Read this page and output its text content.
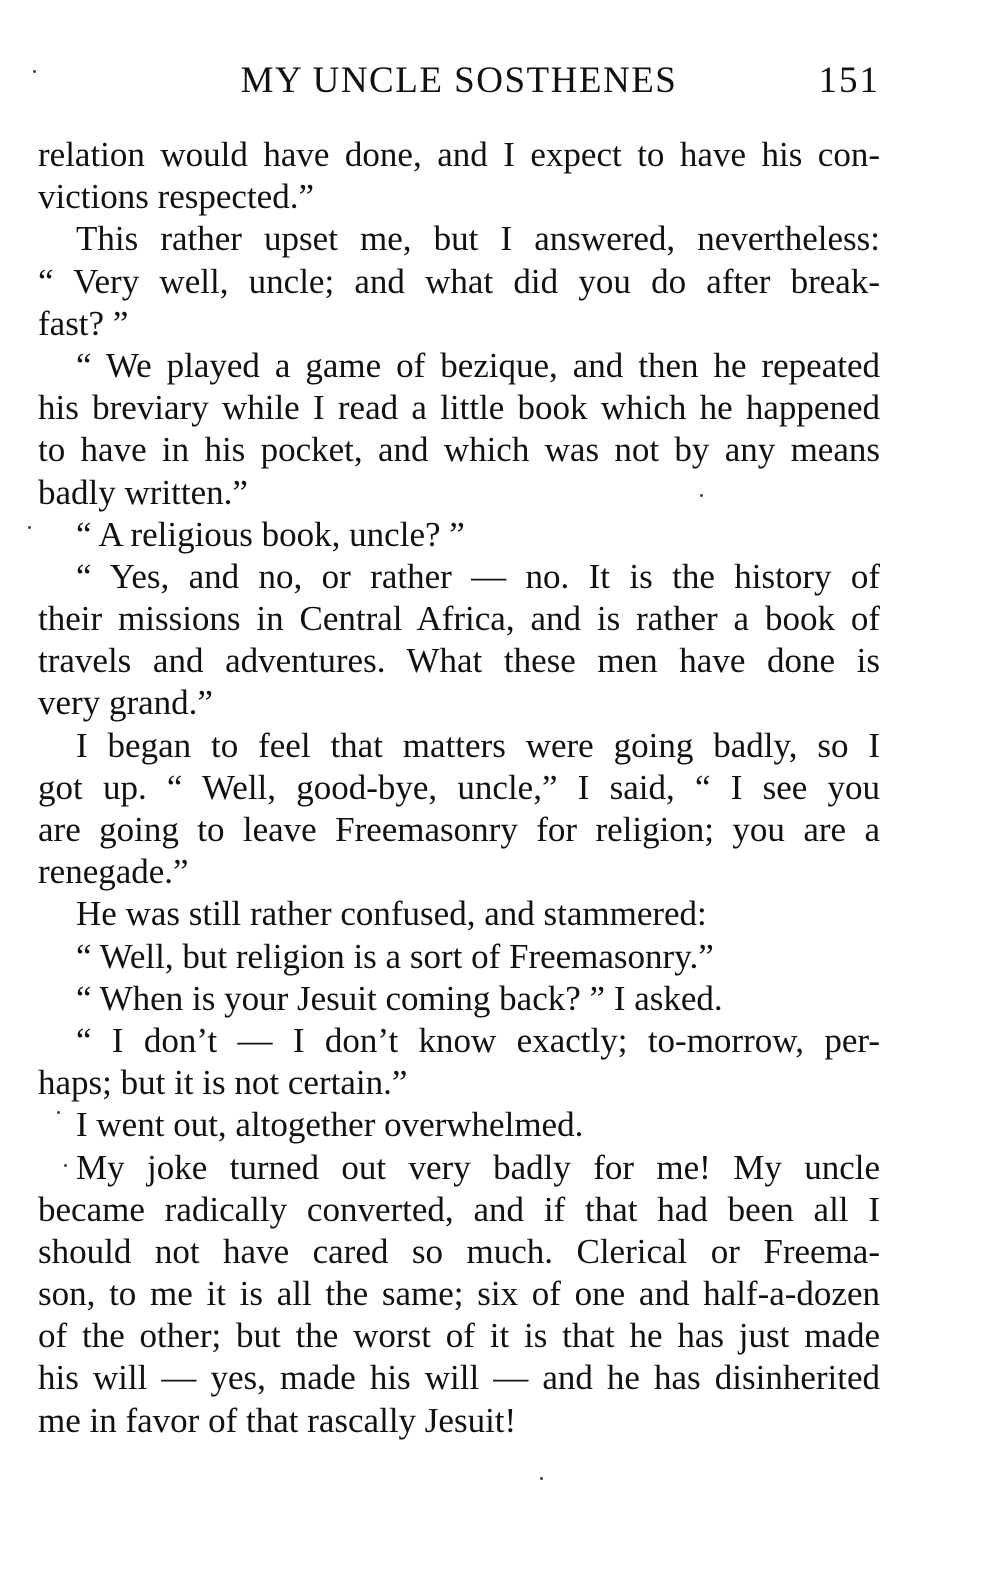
MY UNCLE SOSTHENES	151
relation would have done, and I expect to have his con-
victions respected.”
This rather upset me, but I answered, nevertheless:
“ Very well, uncle; and what did you do after break-
fast? ”
“ We played a game of bezique, and then he repeated
his breviary while I read a little book which he happened
to have in his pocket, and which was not by any means
badly written.”
“ A religious book, uncle? ”
“ Yes, and no, or rather — no. It is the history of
their missions in Central Africa, and is rather a book of
travels and adventures. What these men have done is
very grand.”
I began to feel that matters were going badly, so I
got up. “ Well, good-bye, uncle,” I said, “ I see you
are going to leave Freemasonry for religion; you are a
renegade.”
He was still rather confused, and stammered:
“ Well, but religion is a sort of Freemasonry.”
“ When is your Jesuit coming back? ” I asked.
“ I don’t — I don’t know exactly; to-morrow, per-
haps; but it is not certain.”
I went out, altogether overwhelmed.
My joke turned out very badly for me! My uncle
became radically converted, and if that had been all I
should not have cared so much. Clerical or Freema-
son, to me it is all the same; six of one and half-a-dozen
of the other; but the worst of it is that he has just made
his will — yes, made his will — and he has disinherited
me in favor of that rascally Jesuit!
